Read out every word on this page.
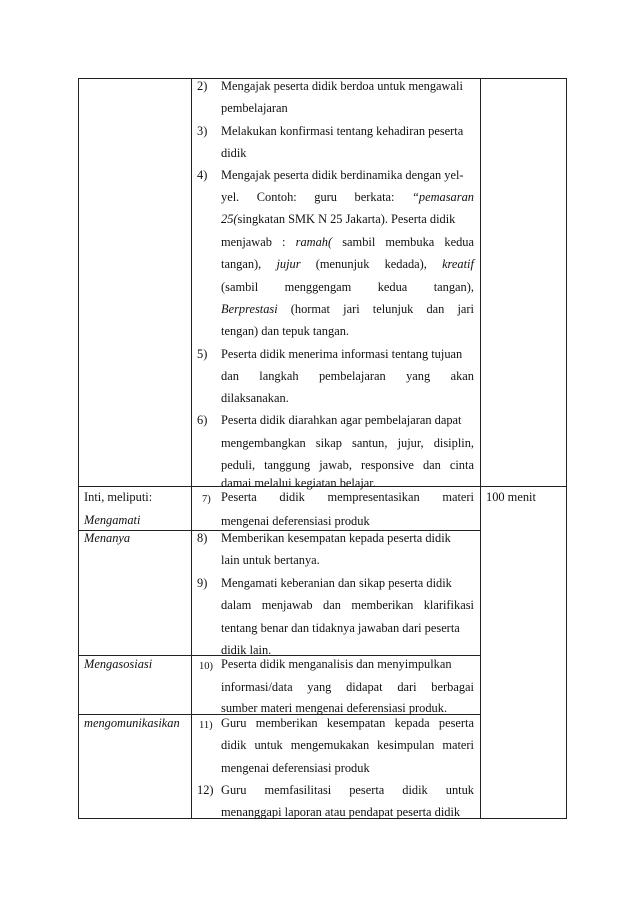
2) Mengajak peserta didik berdoa untuk mengawali
pembelajaran
3) Melakukan konfirmasi tentang kehadiran peserta
didik
4) Mengajak peserta didik berdinamika dengan yel-
yel. Contoh: guru berkata: “pemasaran
25(singkatan SMK N 25 Jakarta). Peserta didik
menjawab : ramah( sambil membuka kedua
tangan), jujur (menunjuk kedada), kreatif
(sambil menggengam kedua tangan),
Berprestasi (hormat jari telunjuk dan jari
tengan) dan tepuk tangan.
5) Peserta didik menerima informasi tentang tujuan
dan langkah pembelajaran yang akan
dilaksanakan.
6) Peserta didik diarahkan agar pembelajaran dapat
mengembangkan sikap santun, jujur, disiplin,
peduli, tanggung jawab, responsive dan cinta
damai melalui kegiatan belajar.
Inti, meliputi:
Mengamati
100 menit
7) Peserta didik mempresentasikan materi
mengenai deferensiasi produk
Menanya	8) Memberikan kesempatan kepada peserta didik
lain untuk bertanya.
9) Mengamati keberanian dan sikap peserta didik
dalam menjawab dan memberikan klarifikasi
tentang benar dan tidaknya jawaban dari peserta
didik lain.
Mengasosiasi	10) Peserta didik menganalisis dan menyimpulkan
informasi/data yang didapat dari berbagai
sumber materi mengenai deferensiasi produk.
mengomunikasikan 11) Guru memberikan kesempatan kepada peserta
didik untuk mengemukakan kesimpulan materi
mengenai deferensiasi produk
12) Guru memfasilitasi peserta didik untuk
menanggapi laporan atau pendapat peserta didik
